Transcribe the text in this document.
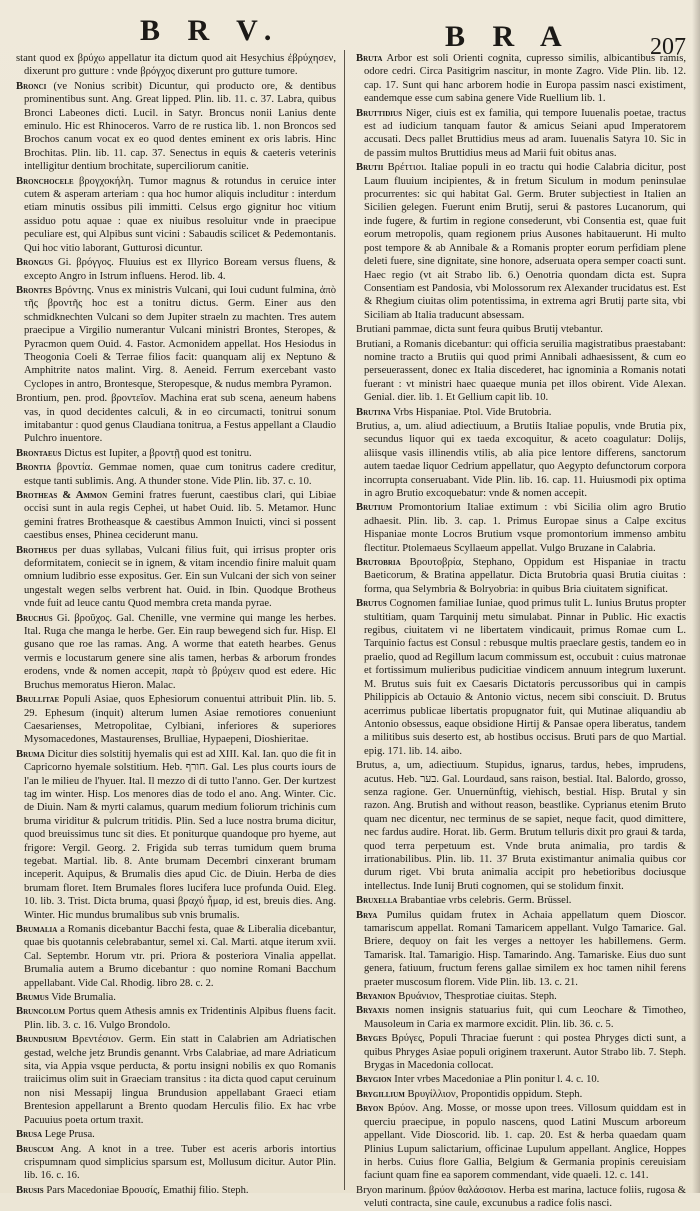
B R V.	B R A	207

stant quod ex βρύχω appellatur ita dictum quod ait Hesychius ἐβρύχησεν, dixerunt pro gutture : vnde βρόγχος dixerunt pro gutture tumore.

Bronci (ve Nonius scribit) Dicuntur, qui producto ore, & dentibus prominentibus sunt. Ang. Great lipped. Plin. lib. 11. c. 37. Labra, quibus Bronci Labeones dicti. Lucil. in Satyr. Broncus nonii Lanius dente eminulo. Hic est Rhinoceros. Varro de re rustica lib. 1. non Broncos sed Brochos canum vocat ex eo quod dentes eminent ex oris labris. Hinc Brochitas. Plin. lib. 11. cap. 37. Senectus in equis & caeteris veterinis intelligitur dentium brochitate, superciliorum canitie.

Bronchocele βρογχοκήλη. Tumor magnus & rotundus in ceruice inter cutem & asperam arteriam : qua hoc humor aliquis includitur : interdum etiam minutis ossibus pili immitti. Celsus ergo gignitur hoc vitium assiduo potu aquae : quae ex niuibus resoluitur vnde in praecipue peculiare est, qui Alpibus sunt vicini : Sabaudis scilicet & Pedemontanis. Qui hoc vitio laborant, Gutturosi dicuntur.

Brongus Gi. βρόγγος. Fluuius est ex Illyrico Boream versus fluens, & excepto Angro in Istrum influens. Herod. lib. 4.

Brontes Βρόντης. Vnus ex ministris Vulcani, qui Ioui cudunt fulmina, ἀπὸ τῆς βροντῆς hoc est a tonitru dictus. Germ. Einer aus den schmidknechten Vulcani so dem Jupiter straeln zu machten. Tres autem praecipue a Virgilio numerantur Vulcani ministri Brontes, Steropes, & Pyracmon quem Ouid. 4. Fastor. Acmonidem appellat. Hos Hesiodus in Theogonia Coeli & Terrae filios facit: quanquam alij ex Neptuno & Amphitrite natos malint. Virg. 8. Aeneid. Ferrum exercebant vasto Cyclopes in antro, Brontesque, Steropesque, & nudus membra Pyramon.

Brontium, pen. prod. βροντεῖον. Machina erat sub scena, aeneum habens vas, in quod decidentes calculi, & in eo circumacti, tonitrui sonum imitabantur : quod genus Claudiana tonitrua, a Festus appellant a Claudio Pulchro inuentore.

Brontaeus Dictus est Iupiter, a βροντῇ quod est tonitru.

Brontia βροντία. Gemmae nomen, quae cum tonitrus cadere creditur, estque tanti sublimis. Ang. A thunder stone. Vide Plin. lib. 37. c. 10.

Brotheas & Ammon Gemini fratres fuerunt, caestibus clari, qui Libiae occisi sunt in aula regis Cephei, ut habet Ouid. lib. 5. Metamor. Hunc gemini fratres Brotheasque & caestibus Ammon Inuicti, vinci si possent caestibus enses, Phinea ceciderunt manu.

Brotheus per duas syllabas, Vulcani filius fuit, qui irrisus propter oris deformitatem, coniecit se in ignem, & vitam incendio finire maluit quam omnium ludibrio esse expositus. Ger. Ein sun Vulcani der sich von seiner ungestalt wegen selbs verbrent hat. Ouid. in Ibin. Quodque Brotheus vnde fuit ad leuce cantu Quod membra creta manda pyrae.

Bruchus Gi. βροῦχος. Gal. Chenille, vne vermine qui mange les herbes. Ital. Ruga che manga le herbe. Ger. Ein raup bewegend sich fur. Hisp. El gusano que roe las ramas. Ang. A worme that eateth hearbes. Genus vermis e locustarum genere sine alis tamen, herbas & arborum frondes erodens, vnde & nomen accepit, παρὰ τὸ βρύχειν quod est edere. Hic Bruchus memoratus Hieron. Malac.

Brullitae Populi Asiae, quos Ephesiorum conuentui attribuit Plin. lib. 5. 29. Ephesum (inquit) alterum lumen Asiae remotiores conueniunt Caesarienses, Metropolitae, Cylbiani, inferiores & superiores Mysomacedones, Mastaurenses, Brulliae, Hypaepeni, Dioshieritae.

Bruma Dicitur dies solstitij hyemalis qui est ad XIII. Kal. Ian. quo die fit in Capricorno hyemale solstitium. Heb. חורף. Gal. Les plus courts iours de l'an le milieu de l'hyuer. Ital. Il mezzo di di tutto l'anno. Ger. Der kurtzest tag im winter. Hisp. Los menores dias de todo el ano. Ang. Winter. Cic. de Diuin. Nam & myrti calamus, quarum medium foliorum trichinis cum bruma viriditur & pulcrum tritidis. Plin. Sed a luce nostra bruma dicitur, quod breuissimus tunc sit dies. Et poniturque quandoque pro hyeme, aut frigore: Vergil. Georg. 2. Frigida sub terras tumidum quem bruma tegebat. Martial. lib. 8. Ante brumam Decembri cinxerant brumam inceperit. Aquipus, & Brumalis dies apud Cic. de Diuin. Herba de dies brumam floret. Item Brumales flores lucifera luce profunda Ouid. Eleg. 10. lib. 3. Trist. Dicta bruma, quasi βραχύ ἦμαρ, id est, breuis dies. Ang. Winter. Hic mundus brumalibus sub vnis brumalis.

Brumalia a Romanis dicebantur Bacchi festa, quae & Liberalia dicebantur, quae bis quotannis celebrabantur, semel xi. Cal. Marti. atque iterum xvii. Cal. Septembr. Horum vtr. pri. Priora & posteriora Vinalia appellat. Brumalia autem a Brumo dicebantur : quo nomine Romani Bacchum appellabant. Vide Cal. Rhodig. libro 28. c. 2.

Brumus Vide Brumalia.

Bruncolum Portus quem Athesis amnis ex Tridentinis Alpibus fluens facit. Plin. lib. 3. c. 16. Vulgo Brondolo.

Brundusium Βρεντέσιον. Germ. Ein statt in Calabrien am Adriatischen gestad, welche jetz Brundis genannt. Vrbs Calabriae, ad mare Adriaticum sita, via Appia vsque perducta, & portu insigni nobilis ex quo Romanis traiicimus olim suit in Graeciam transitus : ita dicta quod caput ceruinum non nisi Messapij lingua Brundusion appellabant Graeci etiam Brentesion appellarunt a Brento quodam Herculis filio. Ex hac vrbe Pacuuius poeta ortum traxit.

Brusa Lege Prusa.

Bruscum Ang. A knot in a tree. Tuber est aceris arboris intortius crispumnam quod simplicius sparsum est, Mollusum dicitur. Autor Plin. lib. 16. c. 16.

Brusis Pars Macedoniae Βρουσίς, Emathij filio. Steph.

Bruta Arbor est soli Orienti cognita, cupresso similis, albicantibus ramis, odore cedri. Circa Pasitigrim nascitur, in monte Zagro. Vide Plin. lib. 12. cap. 17. Sunt qui hanc arborem hodie in Europa passim nasci existiment, eandemque esse cum sabina genere Vide Ruellium lib. 1.

Bruttidius Niger, ciuis est ex familia, qui tempore Iuuenalis poetae, tractus est ad iudicium tanquam fautor & amicus Seiani apud Imperatorem accusati. Decs pallet Bruttidius meus ad aram. Iuuenalis Satyra 10. Sic in de passim multos Bruttidius meus ad Marii fuit obitus anas.

Brutii Βρέττιοι. Italiae populi in eo tractu qui hodie Calabria dicitur, post Laum fluuium incipientes, & in fretum Siculum in modum peninsulae procurrentes: sic qui habitat Gal. Germ. Bruter subjectiest in Italien an Sicilien gelegen. Fuerunt enim Brutij, serui & pastores Lucanorum, qui inde fugere, & furtim in regione consederunt, vbi Consentia est, quae fuit eorum metropolis, quam regionem prius Ausones habitauerunt. Hi multo post tempore & ab Annibale & a Romanis propter eorum perfidiam plene deleti fuere, sine dignitate, sine honore, adseruata opera semper coacti sunt. Haec regio (vt ait Strabo lib. 6.) Oenotria quondam dicta est. Supra Consentiam est Pandosia, vbi Molossorum rex Alexander trucidatus est. Est & Rhegium ciuitas olim potentissima, in extrema agri Brutij parte sita, vbi Siciliam ab Italia traducunt absessam.

Brutiani pammae, dicta sunt feura quibus Brutij vtebantur.

Brutiani, a Romanis dicebantur: qui officia seruilia magistratibus praestabant: nomine tracto a Brutiis qui quod primi Annibali adhaesissent, & cum eo perseuerassent, donec ex Italia discederet, hac ignominia a Romanis notati fuerant : vt ministri haec quaeque munia pet illos obirent. Vide Alexan. Genial. dier. lib. 1. Et Gellium capit lib. 10.

Brutina Vrbs Hispaniae. Ptol. Vide Brutobria.

Brutius, a, um. aliud adiectiuum, a Brutiis Italiae populis, vnde Brutia pix, secundus liquor qui ex taeda excoquitur, & aceto coagulatur: Dolijs, aliisque vasis illinendis vtilis, ab alia pice lentore differens, sanctorum autem taedae liquor Cedrium appellatur, quo Aegypto defunctorum corpora incorrupta conseruabant. Vide Plin. lib. 16. cap. 11. Huiusmodi pix optima in agro Brutio excoquebatur: vnde & nomen accepit.

Brutium Promontorium Italiae extimum : vbi Sicilia olim agro Brutio adhaesit. Plin. lib. 3. cap. 1. Primus Europae sinus a Calpe excitus Hispaniae monte Locros Brutium vsque promontorium immenso ambitu flectitur. Ptolemaeus Scyllaeum appellat. Vulgo Bruzane in Calabria.

Brutobria Βρουτοβρία, Stephano, Oppidum est Hispaniae in tractu Baeticorum, & Bratina appellatur. Dicta Brutobria quasi Brutia ciuitas : forma, qua Selymbria & Bolryobria: in quibus Bria ciuitatem significat.

Brutus Cognomen familiae Iuniae, quod primus tulit L. Iunius Brutus propter stultitiam, quam Tarquinij metu simulabat. Pinnar in Public. Hic exactis regibus, ciuitatem vi ne libertatem vindicauit, primus Romae cum L. Tarquinio factus est Consul : rebusque multis praeclare gestis, tandem eo in praelio, quod ad Regillum lacum commissum est, occubuit : cuius matronae et fortissimum mulieribus pudicitiae vindicem annuum integrum luxerunt. M. Brutus suis fuit ex Caesaris Dictatoris percussoribus qui in campis Philippicis ab Octauio & Antonio victus, necem sibi consciuit. D. Brutus acerrimus publicae libertatis propugnator fuit, qui Mutinae aliquandiu ab Antonio obsessus, eaque obsidione Hirtij & Pansae opera liberatus, tandem a militibus suis deserto est, ab hostibus occisus. Bruti pars de quo Martial. epig. 171. lib. 14. aibo.

Brutus, a, um, adiectiuum. Stupidus, ignarus, tardus, hebes, imprudens, acutus. Heb. בער. Gal. Lourdaud, sans raison, bestial. Ital. Balordo, grosso, senza ragione. Ger. Unuernünftig, viehisch, bestial. Hisp. Brutal y sin razon. Ang. Brutish and without reason, beastlike. Cyprianus etenim Bruto quam nec dicentur, nec terminus de se sapiet, neque facit, quod dimittere, nec fardus audire. Horat. lib. Germ. Brutum telluris dixit pro graui & tarda, quod terra perpetuum est. Vnde bruta animalia, pro tardis & irrationabilibus. Plin. lib. 11. 37 Bruta existimantur animalia quibus cor durum riget. Vbi bruta animalia accipit pro hebetioribus dociusque intellectus. Inde Iunij Bruti cognomen, qui se stolidum finxit.

Bruxella Brabantiae vrbs celebris. Germ. Brüssel.

Brya Pumilus quidam frutex in Achaia appellatum quem Dioscor. tamariscum appellat. Romani Tamaricem appellant. Vulgo Tamarice. Gal. Briere, dequoy on fait les verges a nettoyer les habillemens. Germ. Tamarisk. Ital. Tamarigio. Hisp. Tamarindo. Ang. Tamariske. Eius duo sunt genera, fatiuum, fructum ferens gallae similem ex hoc tamen nihil ferens praeter muscosum florem. Vide Plin. lib. 13. c. 21.

Bryanion Βρυάνιον, Thesprotiae ciuitas. Steph.

Bryaxis nomen insignis statuarius fuit, qui cum Leochare & Timotheo, Mausoleum in Caria ex marmore excidit. Plin. lib. 36. c. 5.

Bryges Βρύγες, Populi Thraciae fuerunt : qui postea Phryges dicti sunt, a quibus Phryges Asiae populi originem traxerunt. Autor Strabo lib. 7. Steph. Brygas in Macedonia collocat.

Brygion Inter vrbes Macedoniae a Plin ponitur l. 4. c. 10.

Brygillium Βρυγίλλιον, Propontidis oppidum. Steph.

Bryon Βρύον. Ang. Mosse, or mosse upon trees. Villosum quiddam est in querciu praecipue, in populo nascens, quod Latini Muscum arboreum appellant. Vide Dioscorid. lib. 1. cap. 20. Est & herba quaedam quam Plinius Lupum salictarium, officinae Lupulum appellant. Anglice, Hoppes in herbs. Cuius flore Gallia, Belgium & Germania propinis cereuisiam faciunt quam fine ea saporem commendant, vide quaeli. 12. c. 141.

Bryon marinum. βρύον θαλάσσιον. Herba est marina, lactuce foliis, rugosa & veluti contracta, sine caule, excunubus a radice folis nasci.
